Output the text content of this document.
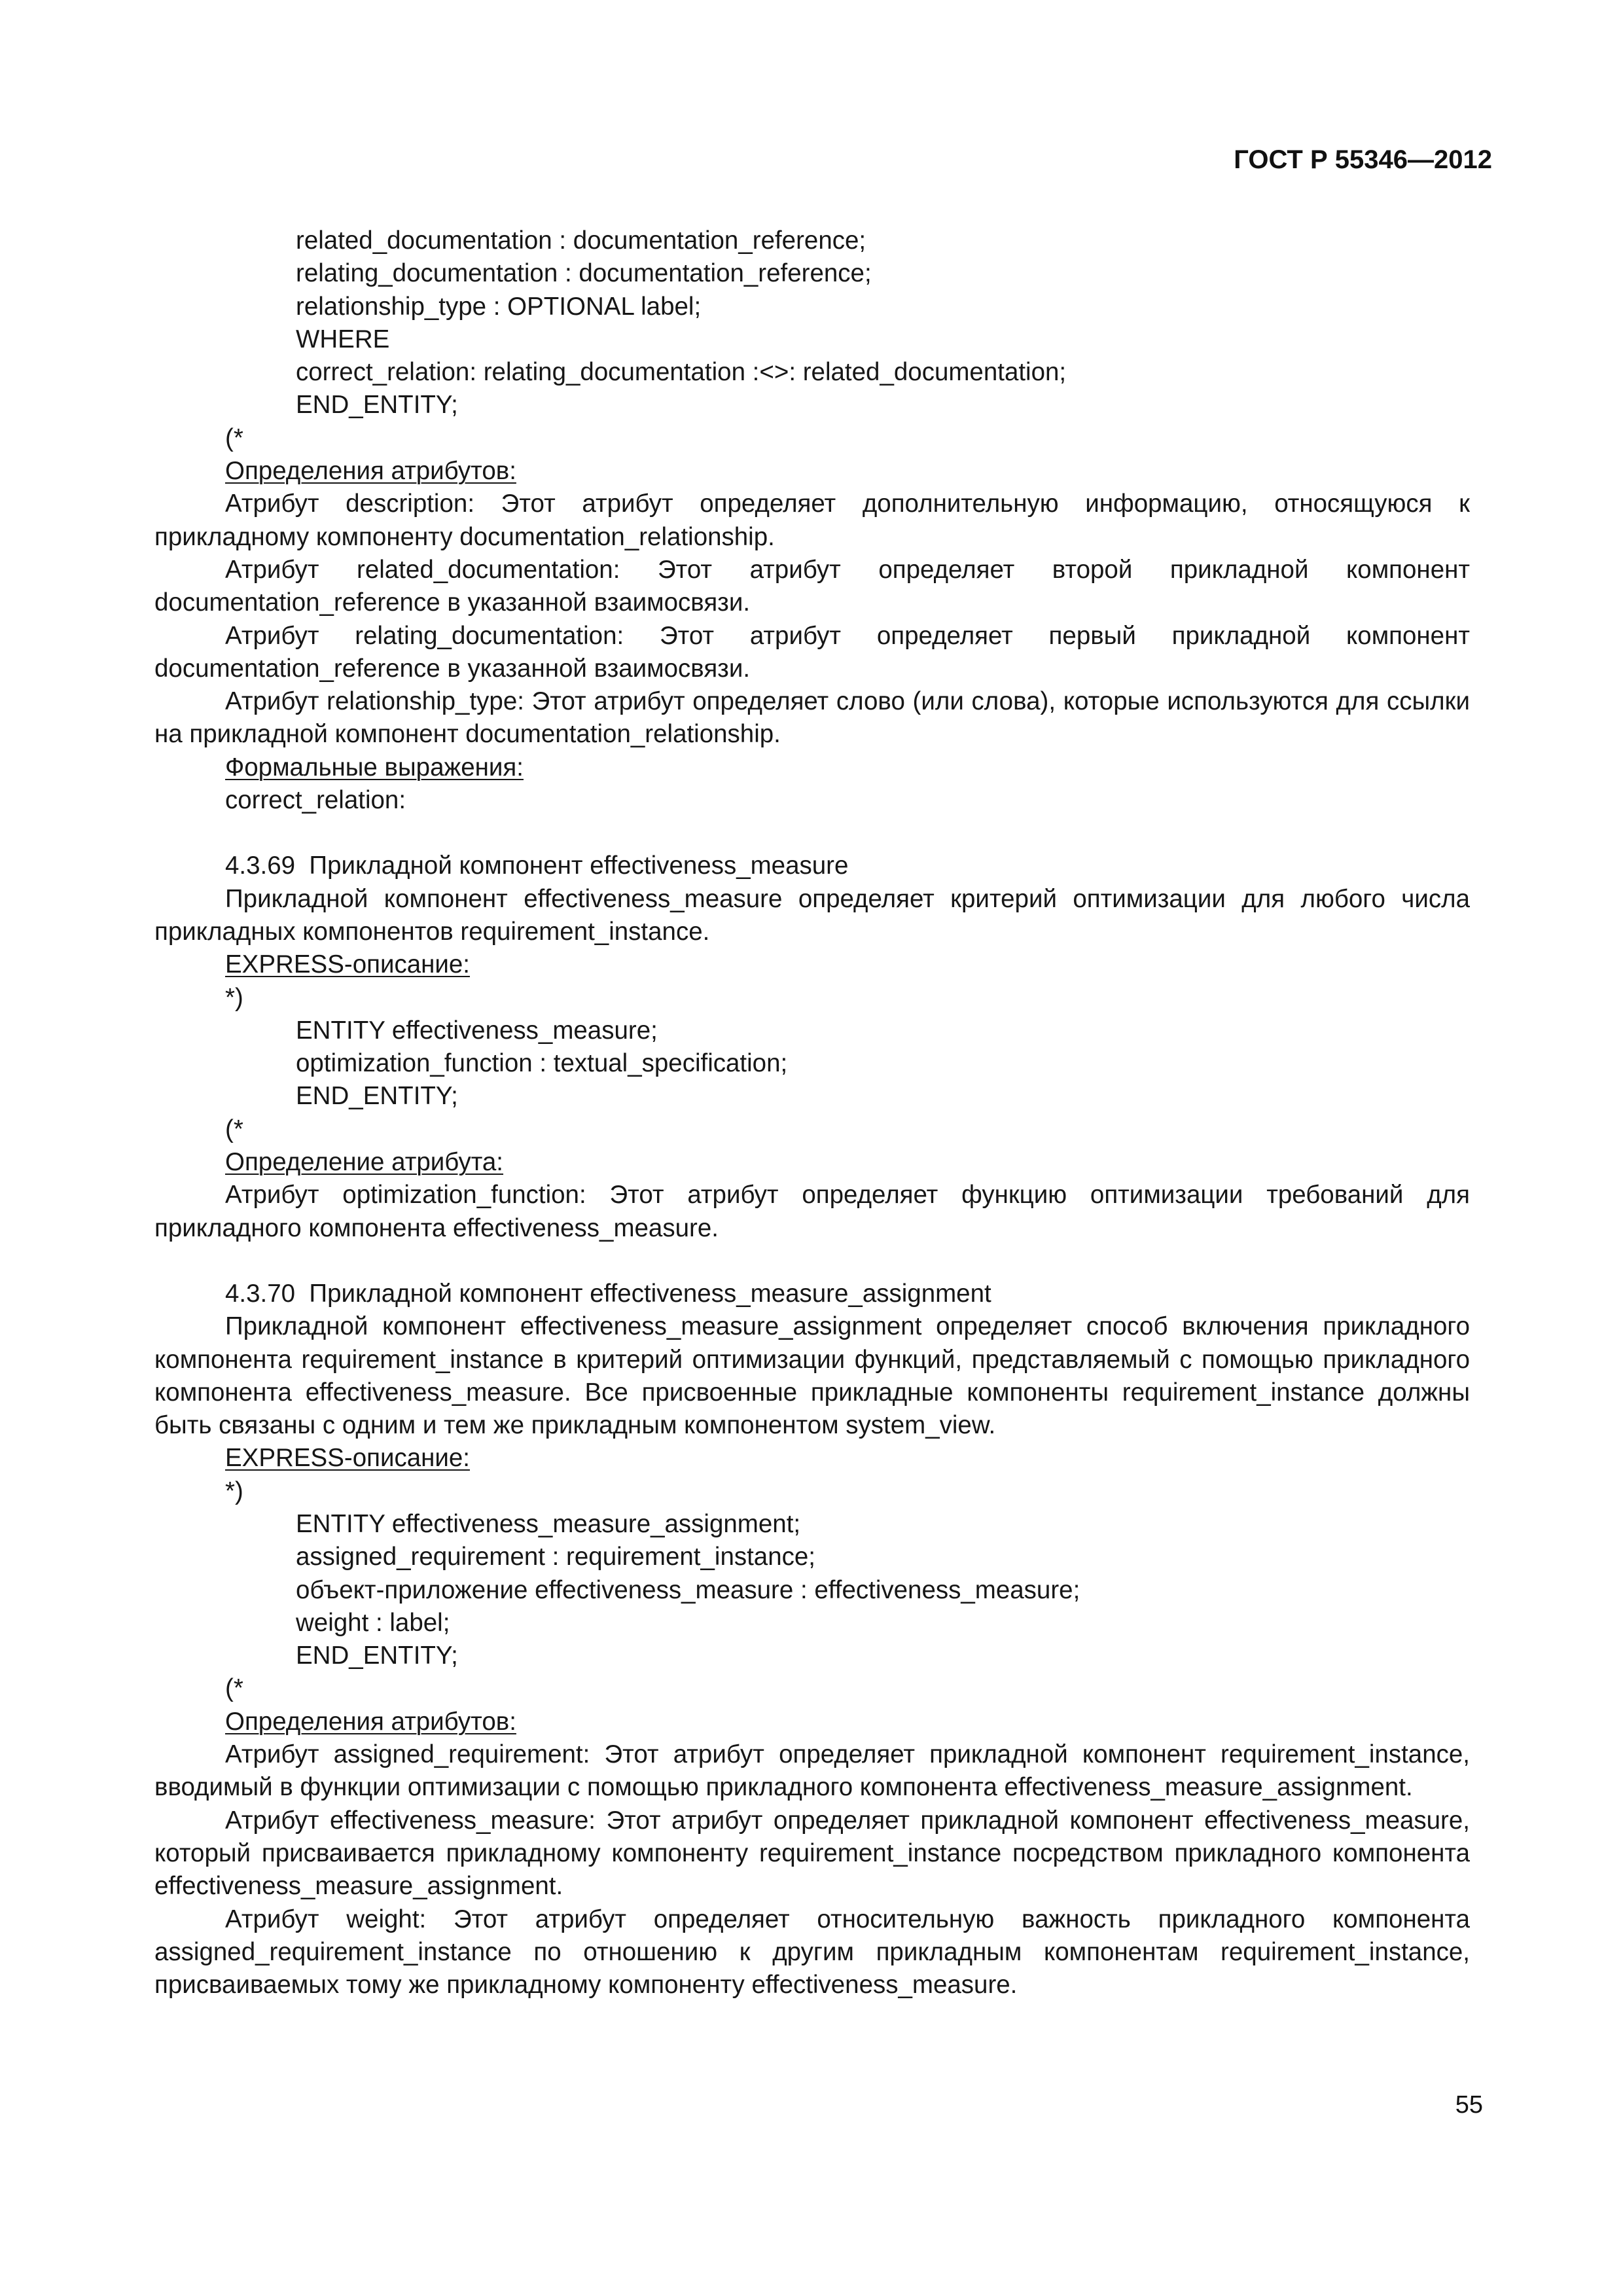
ГОСТ Р 55346—2012

related_documentation : documentation_reference;

relating_documentation : documentation_reference;

relationship_type : OPTIONAL label;

WHERE

correct_relation: relating_documentation :<>: related_documentation;

END_ENTITY;

(*

Определения атрибутов:

Атрибут description: Этот атрибут определяет дополнительную информацию, относящуюся к прикладному компоненту documentation_relationship.

Атрибут related_documentation: Этот атрибут определяет второй прикладной компонент documentation_reference в указанной взаимосвязи.

Атрибут relating_documentation: Этот атрибут определяет первый прикладной компонент documentation_reference в указанной взаимосвязи.

Атрибут relationship_type: Этот атрибут определяет слово (или слова), которые используются для ссылки на прикладной компонент documentation_relationship.

Формальные выражения:

correct_relation:

4.3.69  Прикладной компонент effectiveness_measure

Прикладной компонент effectiveness_measure определяет критерий оптимизации для любого числа прикладных компонентов requirement_instance.

EXPRESS-описание:

*)

ENTITY effectiveness_measure;

optimization_function : textual_specification;

END_ENTITY;

(*

Определение атрибута:

Атрибут optimization_function: Этот атрибут определяет функцию оптимизации требований для прикладного компонента effectiveness_measure.

4.3.70  Прикладной компонент effectiveness_measure_assignment

Прикладной компонент effectiveness_measure_assignment определяет способ включения прикладного компонента requirement_instance в критерий оптимизации функций, представляемый с помощью прикладного компонента effectiveness_measure. Все присвоенные прикладные компоненты requirement_instance должны быть связаны с одним и тем же прикладным компонентом system_view.

EXPRESS-описание:

*)

ENTITY effectiveness_measure_assignment;

assigned_requirement : requirement_instance;

объект-приложение effectiveness_measure : effectiveness_measure;

weight : label;

END_ENTITY;

(*

Определения атрибутов:

Атрибут assigned_requirement: Этот атрибут определяет прикладной компонент requirement_instance, вводимый в функции оптимизации с помощью прикладного компонента effectiveness_measure_assignment.

Атрибут effectiveness_measure: Этот атрибут определяет прикладной компонент effectiveness_measure, который присваивается прикладному компоненту requirement_instance посредством прикладного компонента effectiveness_measure_assignment.

Атрибут weight: Этот атрибут определяет относительную важность прикладного компонента assigned_requirement_instance по отношению к другим прикладным компонентам requirement_instance, присваиваемых тому же прикладному компоненту effectiveness_measure.

55
